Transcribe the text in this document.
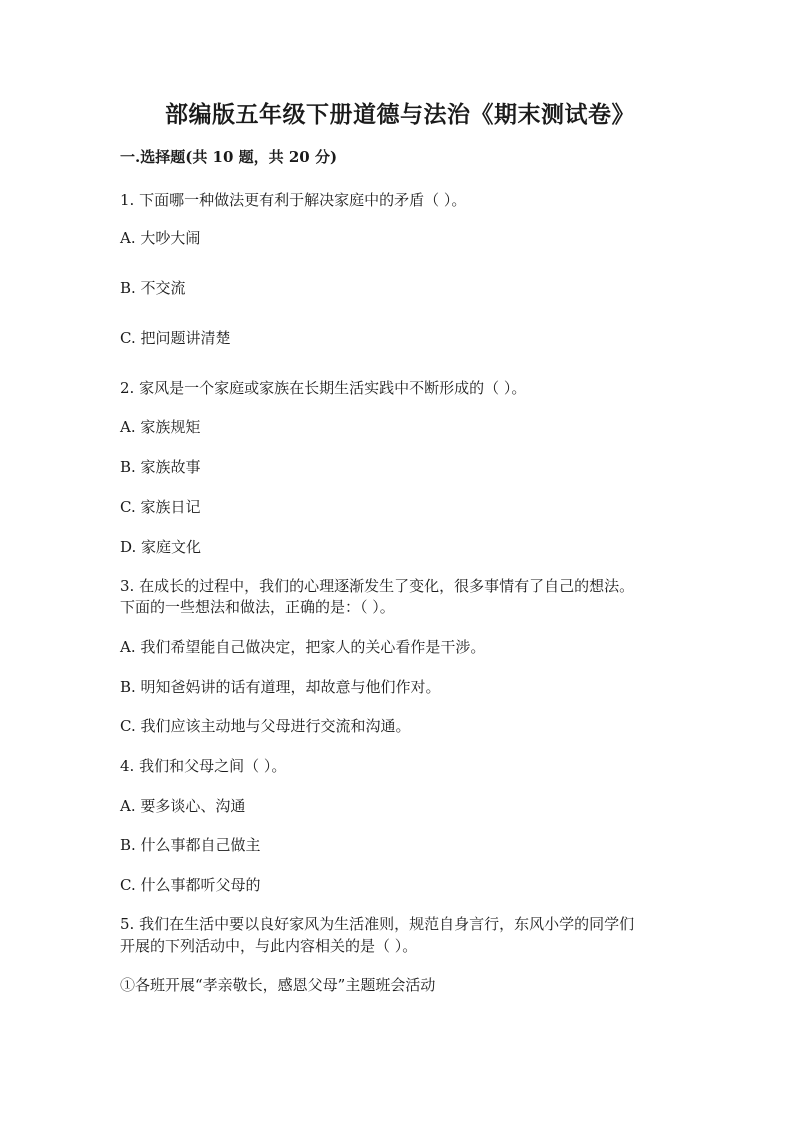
部编版五年级下册道德与法治《期末测试卷》
一.选择题(共 10 题，共 20 分)
1. 下面哪一种做法更有利于解决家庭中的矛盾（ ）。
A. 大吵大闹
B. 不交流
C. 把问题讲清楚
2. 家风是一个家庭或家族在长期生活实践中不断形成的（ ）。
A. 家族规矩
B. 家族故事
C. 家族日记
D. 家庭文化
3. 在成长的过程中，我们的心理逐渐发生了变化，很多事情有了自己的想法。
下面的一些想法和做法，正确的是：（ ）。
A. 我们希望能自己做决定，把家人的关心看作是干涉。
B. 明知爸妈讲的话有道理，却故意与他们作对。
C. 我们应该主动地与父母进行交流和沟通。
4. 我们和父母之间（ ）。
A. 要多谈心、沟通
B. 什么事都自己做主
C. 什么事都听父母的
5. 我们在生活中要以良好家风为生活准则，规范自身言行，东风小学的同学们
开展的下列活动中，与此内容相关的是（ ）。
①各班开展“孝亲敬长，感恩父母”主题班会活动
